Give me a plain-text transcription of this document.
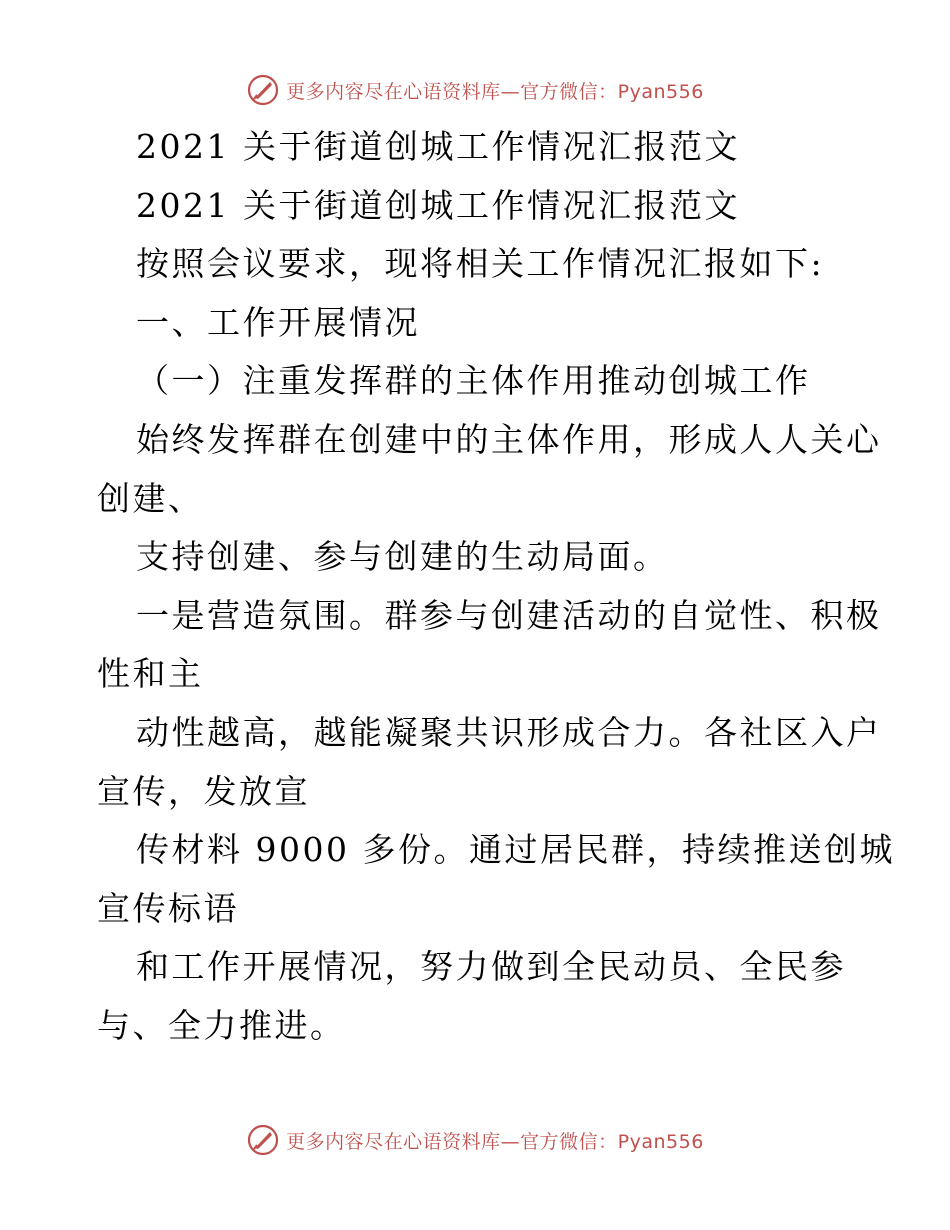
更多内容尽在心语资料库—官方微信：Pyan556
2021 关于街道创城工作情况汇报范文
2021 关于街道创城工作情况汇报范文
按照会议要求，现将相关工作情况汇报如下:
一、工作开展情况
（一）注重发挥群的主体作用推动创城工作
始终发挥群在创建中的主体作用，形成人人关心
创建、
支持创建、参与创建的生动局面。
一是营造氛围。群参与创建活动的自觉性、积极
性和主
动性越高，越能凝聚共识形成合力。各社区入户
宣传，发放宣
传材料 9000 多份。通过居民群，持续推送创城
宣传标语
和工作开展情况，努力做到全民动员、全民参
与、全力推进。
更多内容尽在心语资料库—官方微信：Pyan556
